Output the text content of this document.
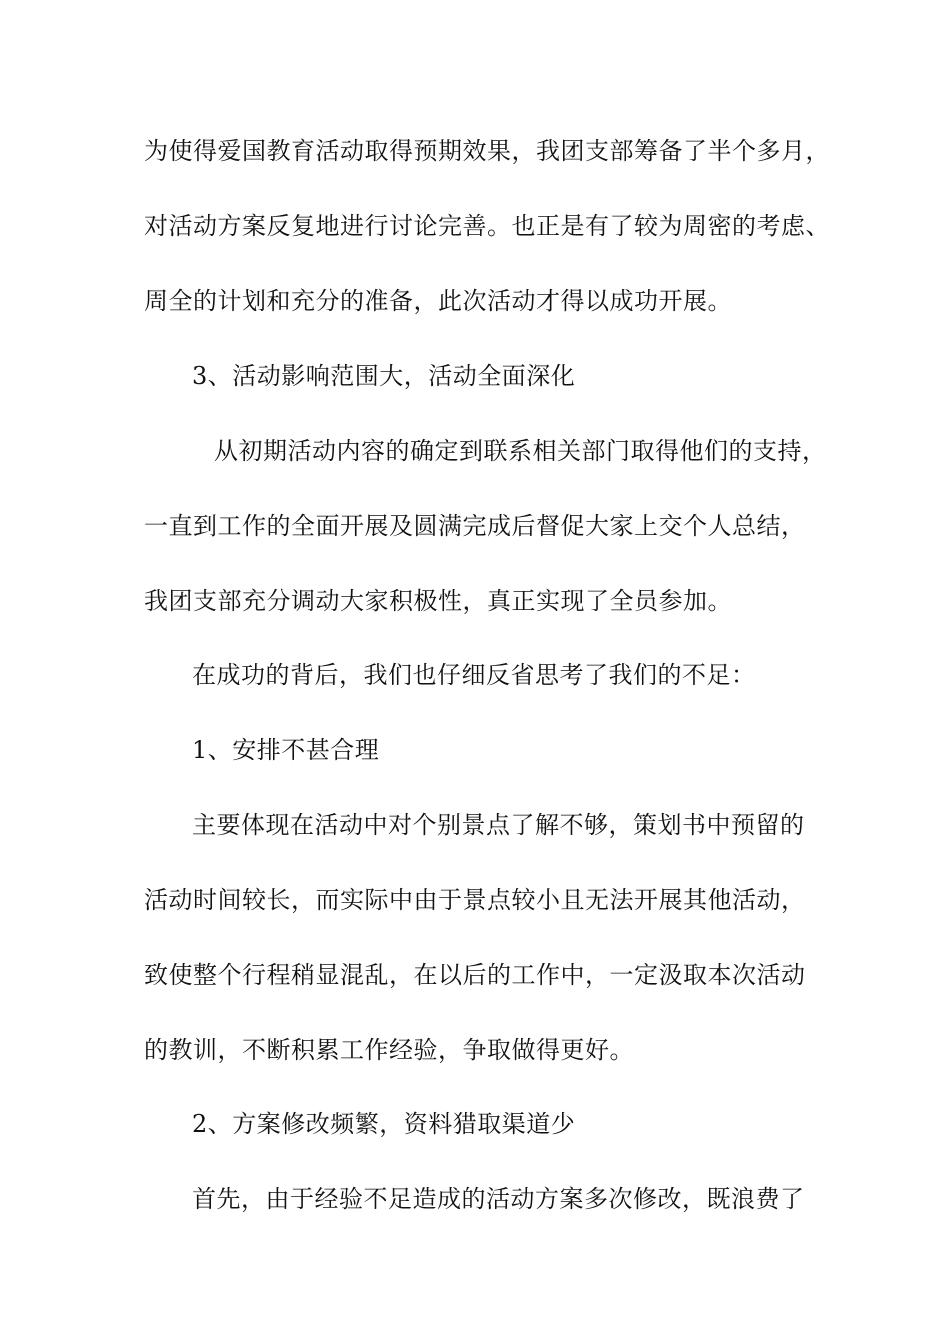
为使得爱国教育活动取得预期效果，我团支部筹备了半个多月，
对活动方案反复地进行讨论完善。也正是有了较为周密的考虑、
周全的计划和充分的准备，此次活动才得以成功开展。
3、活动影响范围大，活动全面深化
从初期活动内容的确定到联系相关部门取得他们的支持，
一直到工作的全面开展及圆满完成后督促大家上交个人总结，
我团支部充分调动大家积极性，真正实现了全员参加。
在成功的背后，我们也仔细反省思考了我们的不足：
1、安排不甚合理
主要体现在活动中对个别景点了解不够，策划书中预留的
活动时间较长，而实际中由于景点较小且无法开展其他活动，
致使整个行程稍显混乱，在以后的工作中，一定汲取本次活动
的教训，不断积累工作经验，争取做得更好。
2、方案修改频繁，资料猎取渠道少
首先，由于经验不足造成的活动方案多次修改，既浪费了
